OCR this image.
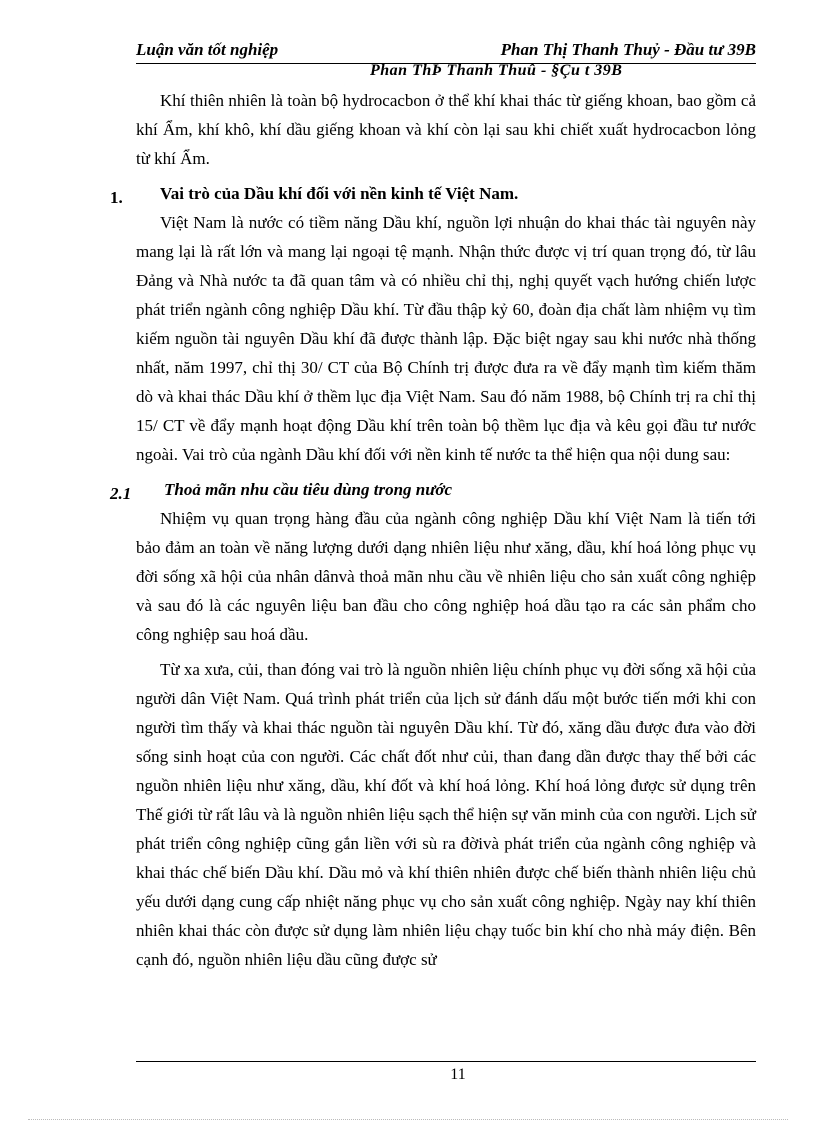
Luận văn tốt nghiệp	Phan Thị Thanh Thuỷ - Đầu tư 39B
Phan ThÞ Thanh Thuû - §Çu t 39B

Khí thiên nhiên là toàn bộ hydrocacbon ở thể khí khai thác từ giếng khoan, bao gồm cả khí Ẩm, khí khô, khí dầu giếng khoan và khí còn lại sau khi chiết xuất hydrocacbon lỏng từ khí Ẩm.

1. Vai trò của Dầu khí đối với nền kinh tế Việt Nam.

Việt Nam là nước có tiềm năng Dầu khí, nguồn lợi nhuận do khai thác tài nguyên này mang lại là rất lớn và mang lại ngoại tệ mạnh. Nhận thức được vị trí quan trọng đó, từ lâu Đảng và Nhà nước ta đã quan tâm và có nhiều chỉ thị, nghị quyết vạch hướng chiến lược phát triển ngành công nghiệp Dầu khí. Từ đầu thập kỷ 60, đoàn địa chất làm nhiệm vụ tìm kiếm nguồn tài nguyên Dầu khí đã được thành lập. Đặc biệt ngay sau khi nước nhà thống nhất, năm 1997, chỉ thị 30/ CT của Bộ Chính trị được đưa ra về đẩy mạnh tìm kiếm thăm dò và khai thác Dầu khí ở thềm lục địa Việt Nam. Sau đó năm 1988, bộ Chính trị ra chỉ thị 15/ CT về đẩy mạnh hoạt động Dầu khí trên toàn bộ thềm lục địa và kêu gọi đầu tư nước ngoài. Vai trò của ngành Dầu khí đối với nền kinh tế nước ta thể hiện qua nội dung sau:

2.1 Thoả mãn nhu cầu tiêu dùng trong nước

Nhiệm vụ quan trọng hàng đầu của ngành công nghiệp Dầu khí Việt Nam là tiến tới bảo đảm an toàn về năng lượng dưới dạng nhiên liệu như xăng, dầu, khí hoá lỏng phục vụ đời sống xã hội của nhân dânvà thoả mãn nhu cầu về nhiên liệu cho sản xuất công nghiệp và sau đó là các nguyên liệu ban đầu cho công nghiệp hoá dầu tạo ra các sản phẩm cho công nghiệp sau hoá dầu.

Từ xa xưa, củi, than đóng vai trò là nguồn nhiên liệu chính phục vụ đời sống xã hội của người dân Việt Nam. Quá trình phát triển của lịch sử đánh dấu một bước tiến mới khi con người tìm thấy và khai thác nguồn tài nguyên Dầu khí. Từ đó, xăng dầu được đưa vào đời sống sinh hoạt của con người. Các chất đốt như củi, than đang dần được thay thế bởi các nguồn nhiên liệu như xăng, dầu, khí đốt và khí hoá lỏng. Khí hoá lỏng được sử dụng trên Thế giới từ rất lâu và là nguồn nhiên liệu sạch thể hiện sự văn minh của con người. Lịch sử phát triển công nghiệp cũng gắn liền với sù ra đờivà phát triển của ngành công nghiệp và khai thác chế biến Dầu khí. Dầu mỏ và khí thiên nhiên được chế biến thành nhiên liệu chủ yếu dưới dạng cung cấp nhiệt năng phục vụ cho sản xuất công nghiệp. Ngày nay khí thiên nhiên khai thác còn được sử dụng làm nhiên liệu chạy tuốc bin khí cho nhà máy điện. Bên cạnh đó, nguồn nhiên liệu dầu cũng được sử

11
